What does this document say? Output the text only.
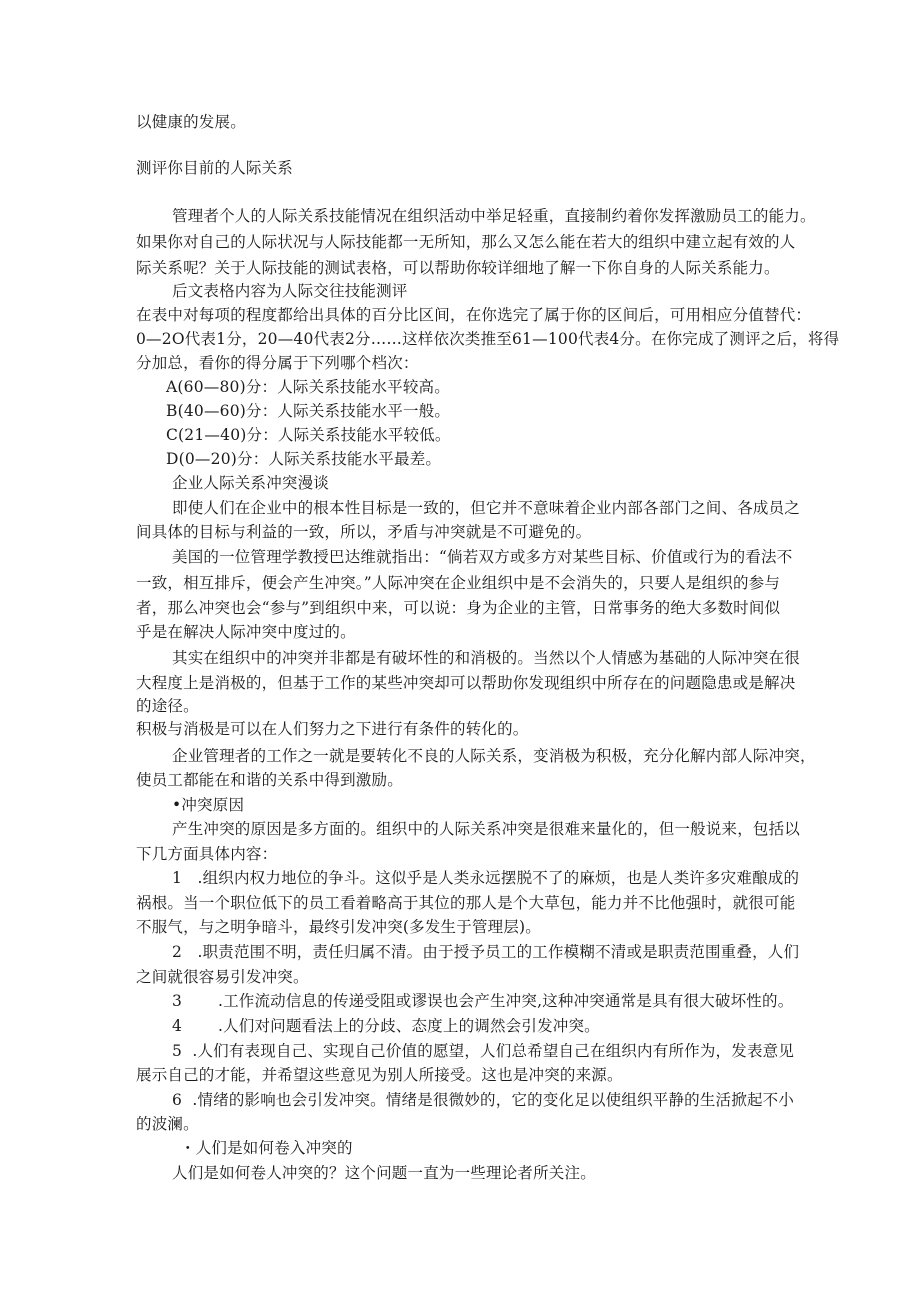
以健康的发展。
测评你目前的人际关系
管理者个人的人际关系技能情况在组织活动中举足轻重，直接制约着你发挥激励员工的能力。
如果你对自己的人际状况与人际技能都一无所知，那么又怎么能在若大的组织中建立起有效的人
际关系呢？关于人际技能的测试表格，可以帮助你较详细地了解一下你自身的人际关系能力。
后文表格内容为人际交往技能测评
在表中对每项的程度都给出具体的百分比区间，在你选完了属于你的区间后，可用相应分值替代：
0—2O代表1分，20—40代表2分……这样依次类推至61—100代表4分。在你完成了测评之后，将得
分加总，看你的得分属于下列哪个档次：
A(60—80)分：人际关系技能水平较高。
B(40—60)分：人际关系技能水平一般。
C(21—40)分：人际关系技能水平较低。
D(0—20)分：人际关系技能水平最差。
企业人际关系冲突漫谈
即使人们在企业中的根本性目标是一致的，但它并不意味着企业内部各部门之间、各成员之
间具体的目标与利益的一致，所以，矛盾与冲突就是不可避免的。
美国的一位管理学教授巴达维就指出：“倘若双方或多方对某些目标、价值或行为的看法不
一致，相互排斥，便会产生冲突。”人际冲突在企业组织中是不会消失的，只要人是组织的参与
者，那么冲突也会“参与”到组织中来，可以说：身为企业的主管，日常事务的绝大多数时间似
乎是在解决人际冲突中度过的。
其实在组织中的冲突并非都是有破坏性的和消极的。当然以个人情感为基础的人际冲突在很
大程度上是消极的，但基于工作的某些冲突却可以帮助你发现组织中所存在的问题隐患或是解决
的途径。
积极与消极是可以在人们努力之下进行有条件的转化的。
企业管理者的工作之一就是要转化不良的人际关系，变消极为积极，充分化解内部人际冲突，
使员工都能在和谐的关系中得到激励。
•冲突原因
产生冲突的原因是多方面的。组织中的人际关系冲突是很难来量化的，但一般说来，包括以
下几方面具体内容：
1   .组织内权力地位的争斗。这似乎是人类永远摆脱不了的麻烦，也是人类许多灾难酿成的
祸根。当一个职位低下的员工看着略高于其位的那人是个大草包，能力并不比他强时，就很可能
不服气，与之明争暗斗，最终引发冲突(多发生于管理层)。
2   .职责范围不明，责任归属不清。由于授予员工的工作模糊不清或是职责范围重叠，人们
之间就很容易引发冲突。
3       .工作流动信息的传递受阻或谬误也会产生冲突,这种冲突通常是具有很大破坏性的。
4       .人们对问题看法上的分歧、态度上的调然会引发冲突。
5  .人们有表现自己、实现自己价值的愿望，人们总希望自己在组织内有所作为，发表意见
展示自己的才能，并希望这些意见为别人所接受。这也是冲突的来源。
6  .情绪的影响也会引发冲突。情绪是很微妙的，它的变化足以使组织平静的生活掀起不小
的波澜。
・人们是如何卷入冲突的
人们是如何卷人冲突的？这个问题一直为一些理论者所关注。
